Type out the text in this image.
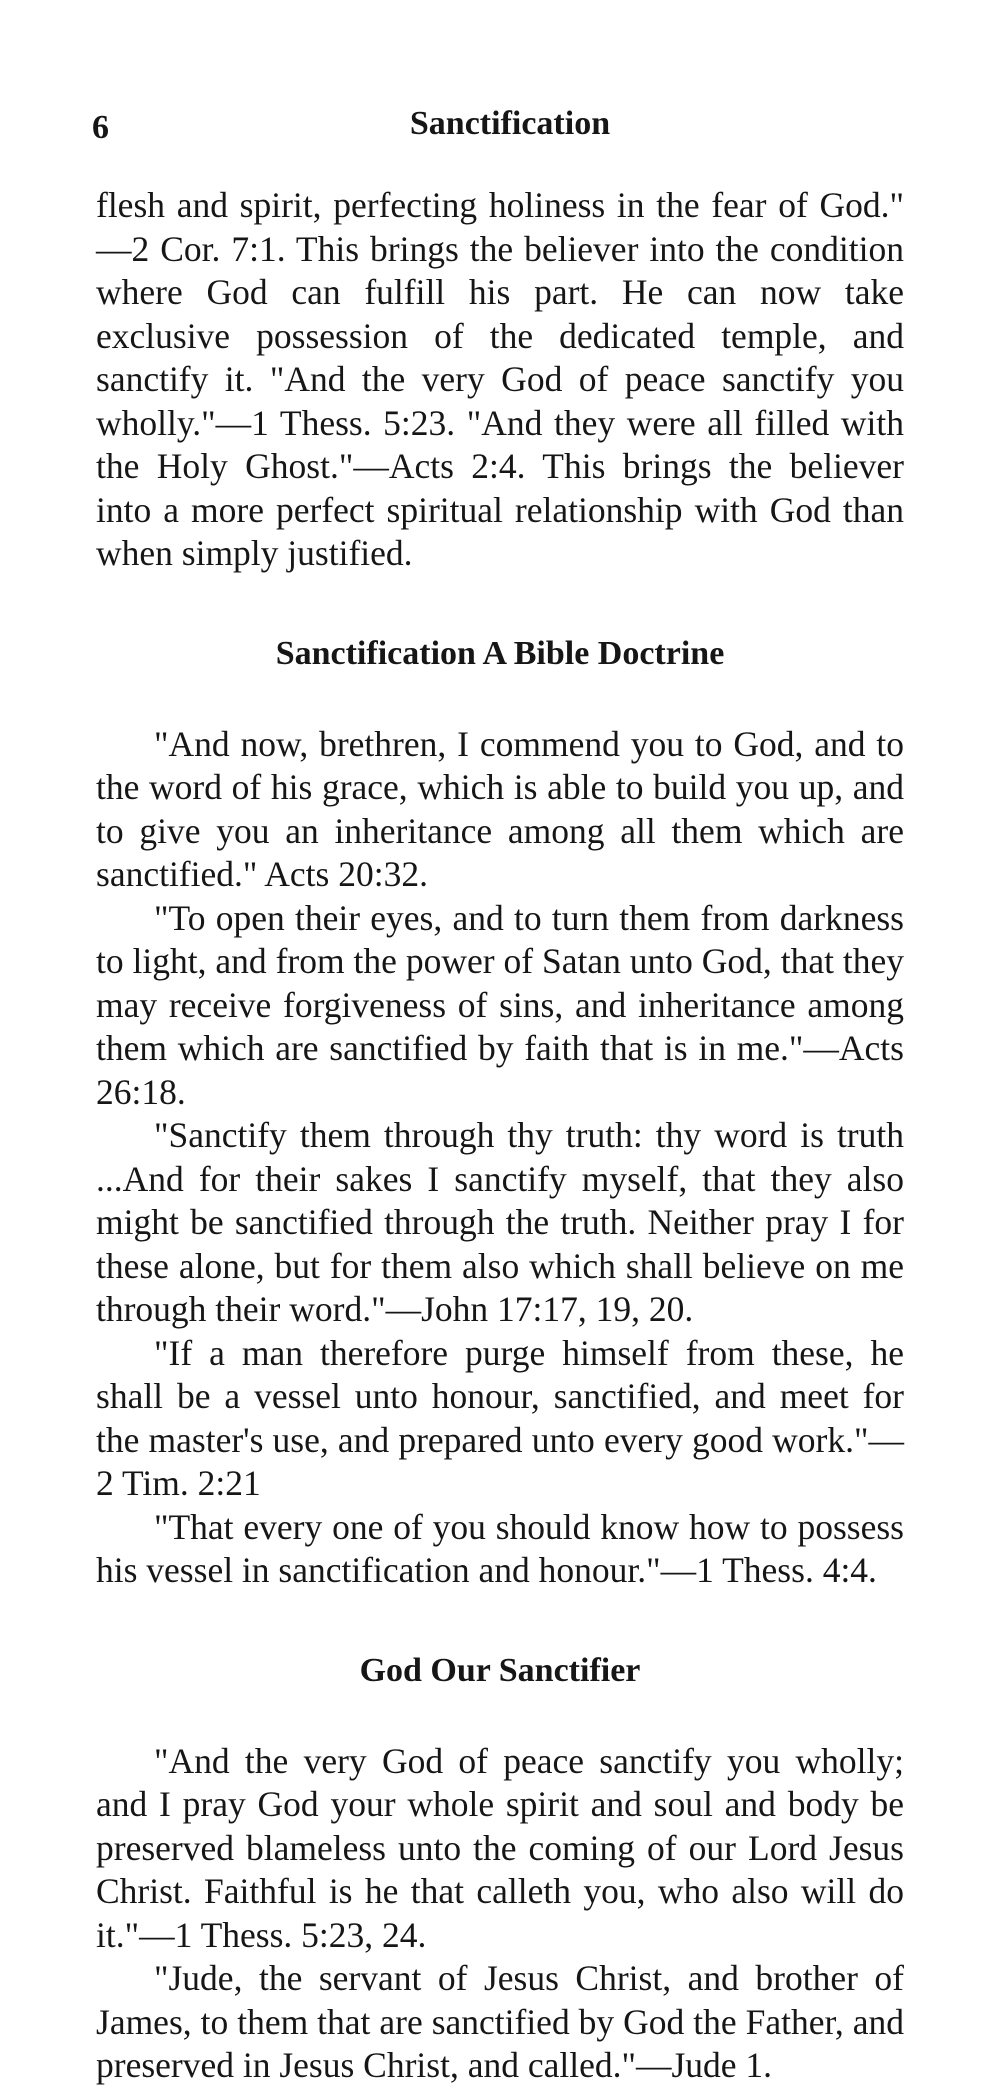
6	Sanctification

flesh and spirit, perfecting holiness in the fear of God." —2 Cor. 7:1. This brings the believer into the condition where God can fulfill his part. He can now take exclusive possession of the dedicated temple, and sanctify it. "And the very God of peace sanctify you wholly."—1 Thess. 5:23. "And they were all filled with the Holy Ghost."—Acts 2:4. This brings the believer into a more perfect spiritual relationship with God than when simply justified.

Sanctification A Bible Doctrine

"And now, brethren, I commend you to God, and to the word of his grace, which is able to build you up, and to give you an inheritance among all them which are sanctified." Acts 20:32.

"To open their eyes, and to turn them from darkness to light, and from the power of Satan unto God, that they may receive forgiveness of sins, and inheritance among them which are sanctified by faith that is in me."—Acts 26:18.

"Sanctify them through thy truth: thy word is truth ...And for their sakes I sanctify myself, that they also might be sanctified through the truth. Neither pray I for these alone, but for them also which shall believe on me through their word."—John 17:17, 19, 20.

"If a man therefore purge himself from these, he shall be a vessel unto honour, sanctified, and meet for the master's use, and prepared unto every good work."—2 Tim. 2:21

"That every one of you should know how to possess his vessel in sanctification and honour."—1 Thess. 4:4.

God Our Sanctifier

"And the very God of peace sanctify you wholly; and I pray God your whole spirit and soul and body be preserved blameless unto the coming of our Lord Jesus Christ. Faithful is he that calleth you, who also will do it."—1 Thess. 5:23, 24.

"Jude, the servant of Jesus Christ, and brother of James, to them that are sanctified by God the Father, and preserved in Jesus Christ, and called."—Jude 1.
